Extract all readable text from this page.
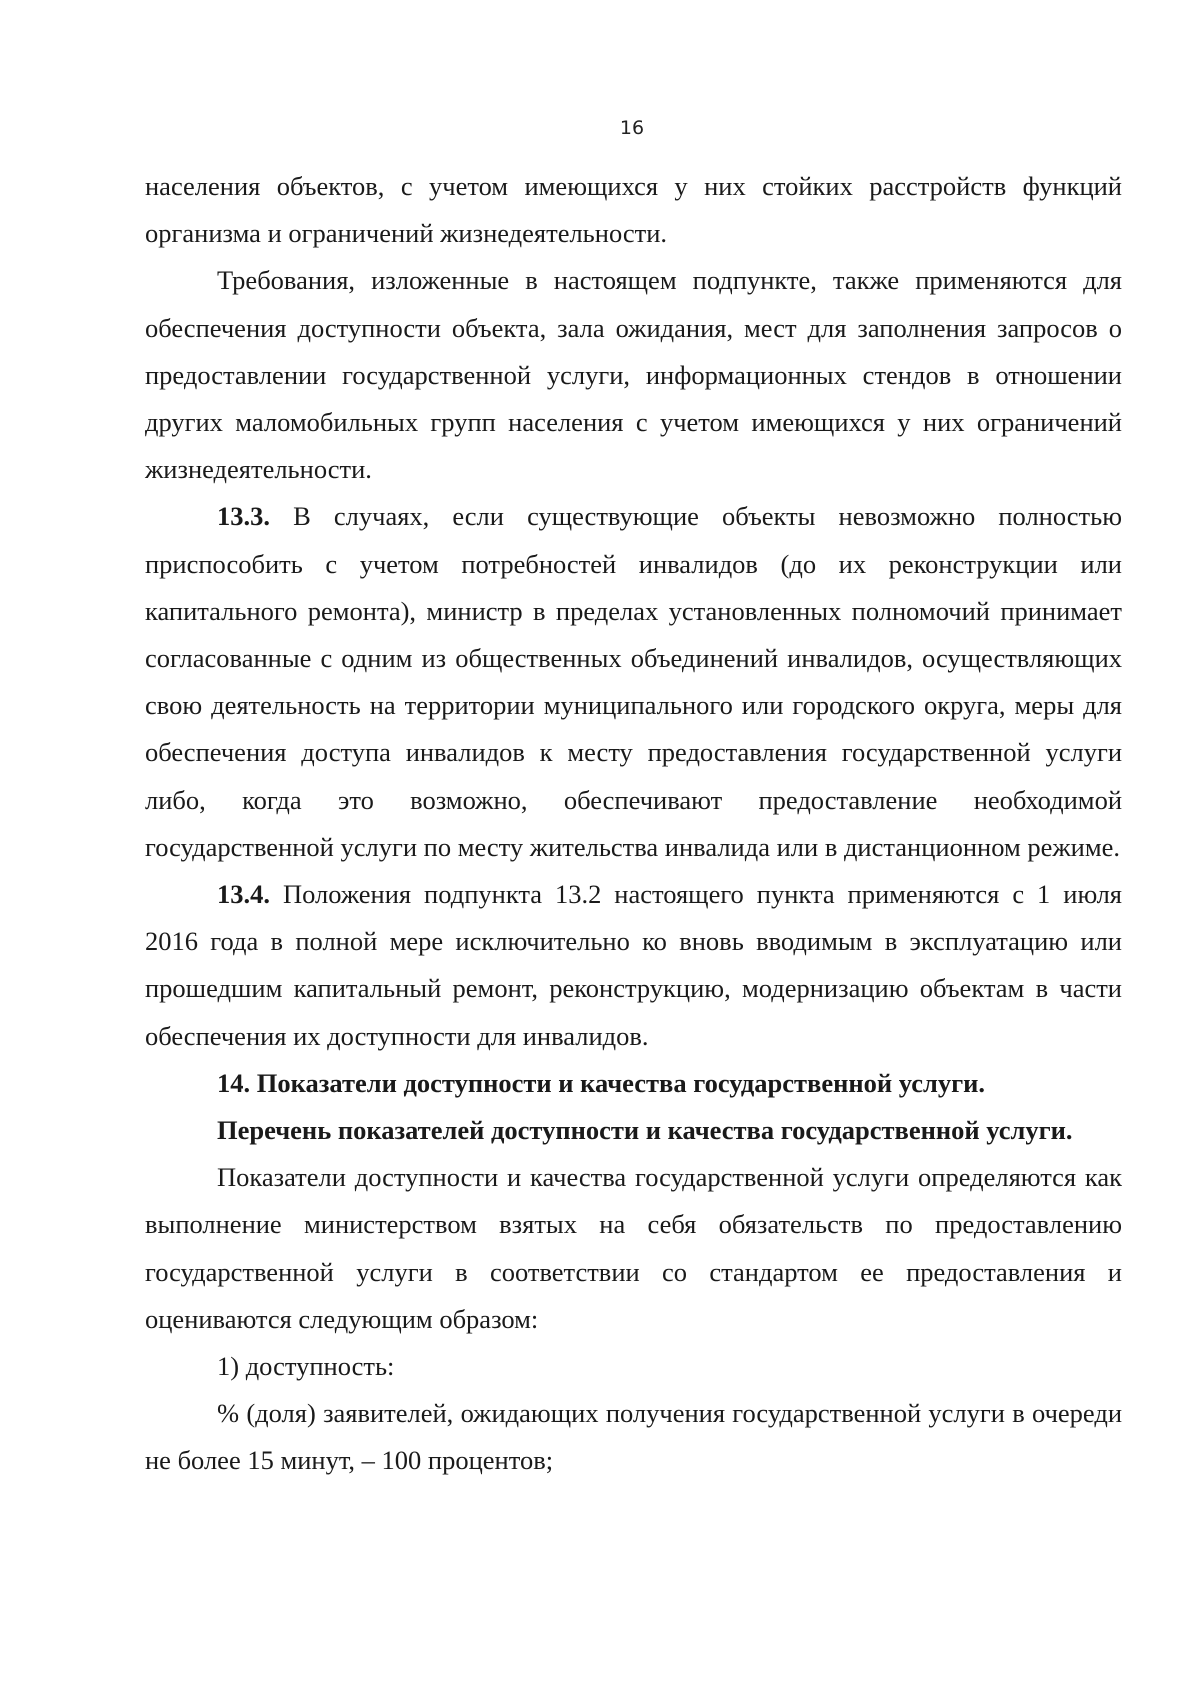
16

населения объектов, с учетом имеющихся у них стойких расстройств функций организма и ограничений жизнедеятельности.

Требования, изложенные в настоящем подпункте, также применяются для обеспечения доступности объекта, зала ожидания, мест для заполнения запросов о предоставлении государственной услуги, информационных стендов в отношении других маломобильных групп населения с учетом имеющихся у них ограничений жизнедеятельности.

13.3. В случаях, если существующие объекты невозможно полностью приспособить с учетом потребностей инвалидов (до их реконструкции или капитального ремонта), министр в пределах установленных полномочий принимает согласованные с одним из общественных объединений инвалидов, осуществляющих свою деятельность на территории муниципального или городского округа, меры для обеспечения доступа инвалидов к месту предоставления государственной услуги либо, когда это возможно, обеспечивают предоставление необходимой государственной услуги по месту жительства инвалида или в дистанционном режиме.

13.4. Положения подпункта 13.2 настоящего пункта применяются с 1 июля 2016 года в полной мере исключительно ко вновь вводимым в эксплуатацию или прошедшим капитальный ремонт, реконструкцию, модернизацию объектам в части обеспечения их доступности для инвалидов.

14. Показатели доступности и качества государственной услуги.

Перечень показателей доступности и качества государственной услуги.

Показатели доступности и качества государственной услуги определяются как выполнение министерством взятых на себя обязательств по предоставлению государственной услуги в соответствии со стандартом ее предоставления и оцениваются следующим образом:

1) доступность:

% (доля) заявителей, ожидающих получения государственной услуги в очереди не более 15 минут, – 100 процентов;
